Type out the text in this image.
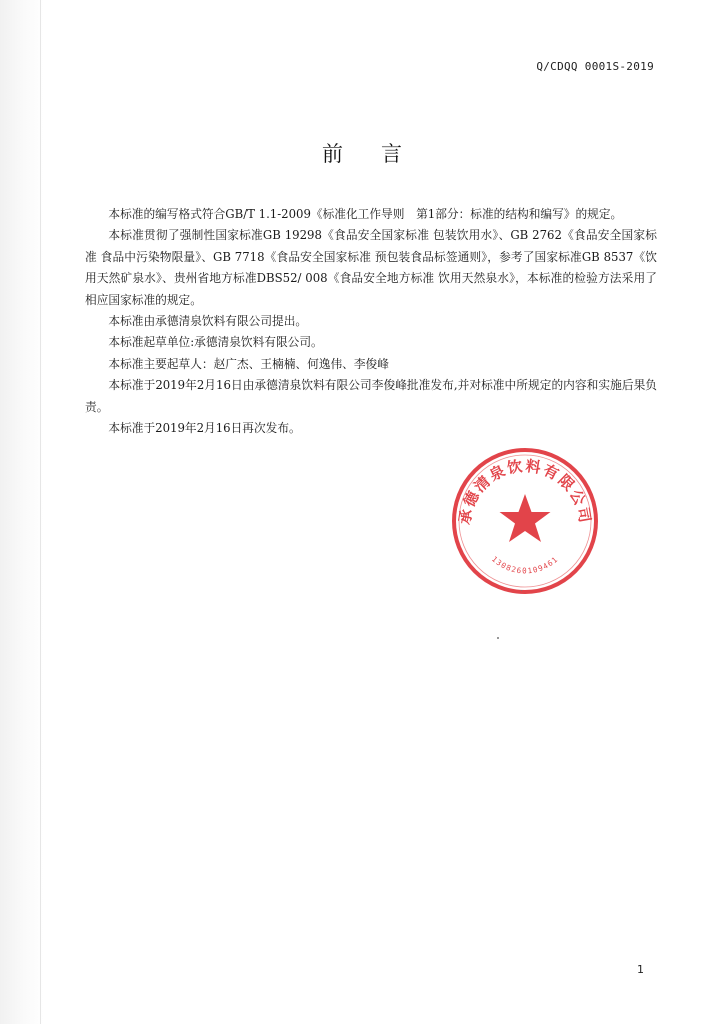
Q/CDQQ 0001S-2019
前言

本标准的编写格式符合GB/T 1.1-2009《标准化工作导则　第1部分：标准的结构和编写》的规定。

本标准贯彻了强制性国家标准GB 19298《食品安全国家标准 包装饮用水》、GB 2762《食品安全国家标准 食品中污染物限量》、GB 7718《食品安全国家标准 预包装食品标签通则》，参考了国家标准GB 8537《饮用天然矿泉水》、贵州省地方标准DBS52/ 008《食品安全地方标准 饮用天然泉水》，本标准的检验方法采用了相应国家标准的规定。

本标准由承德清泉饮料有限公司提出。

本标准起草单位:承德清泉饮料有限公司。

本标准主要起草人：赵广杰、王楠楠、何逸伟、李俊峰

本标准于2019年2月16日由承德清泉饮料有限公司李俊峰批准发布,并对标准中所规定的内容和实施后果负责。

本标准于2019年2月16日再次发布。

承德清泉饮料有限公司
1308260109461
1
